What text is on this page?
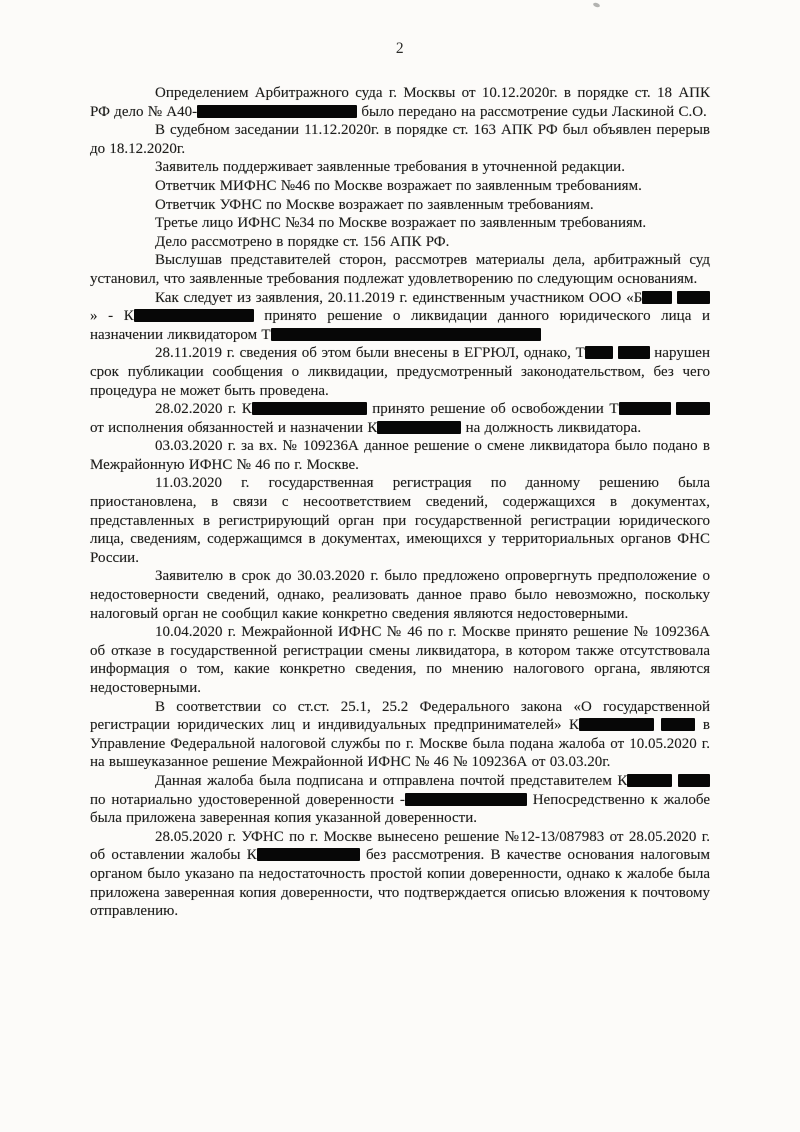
2

Определением Арбитражного суда г. Москвы от 10.12.2020г. в порядке ст. 18 АПК РФ дело № А40-	было передано на рассмотрение судьи Ласкиной С.О.

В судебном заседании 11.12.2020г. в порядке ст. 163 АПК РФ был объявлен перерыв до 18.12.2020г.

Заявитель поддерживает заявленные требования в уточненной редакции.

Ответчик МИФНС №46 по Москве возражает по заявленным требованиям.

Ответчик УФНС по Москве возражает по заявленным требованиям.

Третье лицо ИФНС №34 по Москве возражает по заявленным требованиям.

Дело рассмотрено в порядке ст. 156 АПК РФ.

Выслушав представителей сторон, рассмотрев материалы дела, арбитражный суд установил, что заявленные требования подлежат удовлетворению по следующим основаниям.

Как следует из заявления, 20.11.2019 г. единственным участником ООО «Б » - К	принято решение о ликвидации данного юридического лица и назначении ликвидатором Т

28.11.2019 г. сведения об этом были внесены в ЕГРЮЛ, однако, Т	нарушен срок публикации сообщения о ликвидации, предусмотренный законодательством, без чего процедура не может быть проведена.

28.02.2020 г. К	принято решение об освобождении Т  от исполнения обязанностей и назначении К	на должность ликвидатора.

03.03.2020 г. за вх. № 109236А данное решение о смене ликвидатора было подано в Межрайонную ИФНС № 46 по г. Москве.

11.03.2020 г. государственная регистрация по данному решению была приостановлена, в связи с несоответствием сведений, содержащихся в документах, представленных в регистрирующий орган при государственной регистрации юридического лица, сведениям, содержащимся в документах, имеющихся у территориальных органов ФНС России.

Заявителю в срок до 30.03.2020 г. было предложено опровергнуть предположение о недостоверности сведений, однако, реализовать данное право было невозможно, поскольку налоговый орган не сообщил какие конкретно сведения являются недостоверными.

10.04.2020 г. Межрайонной ИФНС № 46 по г. Москве принято решение № 109236А об отказе в государственной регистрации смены ликвидатора, в котором также отсутствовала информация о том, какие конкретно сведения, по мнению налогового органа, являются недостоверными.

В соответствии со ст.ст. 25.1, 25.2 Федерального закона «О государственной регистрации юридических лиц и индивидуальных предпринимателей» К	в Управление Федеральной налоговой службы по г. Москве была подана жалоба от 10.05.2020 г. на вышеуказанное решение Межрайонной ИФНС № 46 № 109236А от 03.03.20г.

Данная жалоба была подписана и отправлена почтой представителем К  по нотариально удостоверенной доверенности -	Непосредственно к жалобе была приложена заверенная копия указанной доверенности.

28.05.2020 г. УФНС по г. Москве вынесено решение №12-13/087983 от 28.05.2020 г. об оставлении жалобы К	без рассмотрения. В качестве основания налоговым органом было указано па недостаточность простой копии доверенности, однако к жалобе была приложена заверенная копия доверенности, что подтверждается описью вложения к почтовому отправлению.
